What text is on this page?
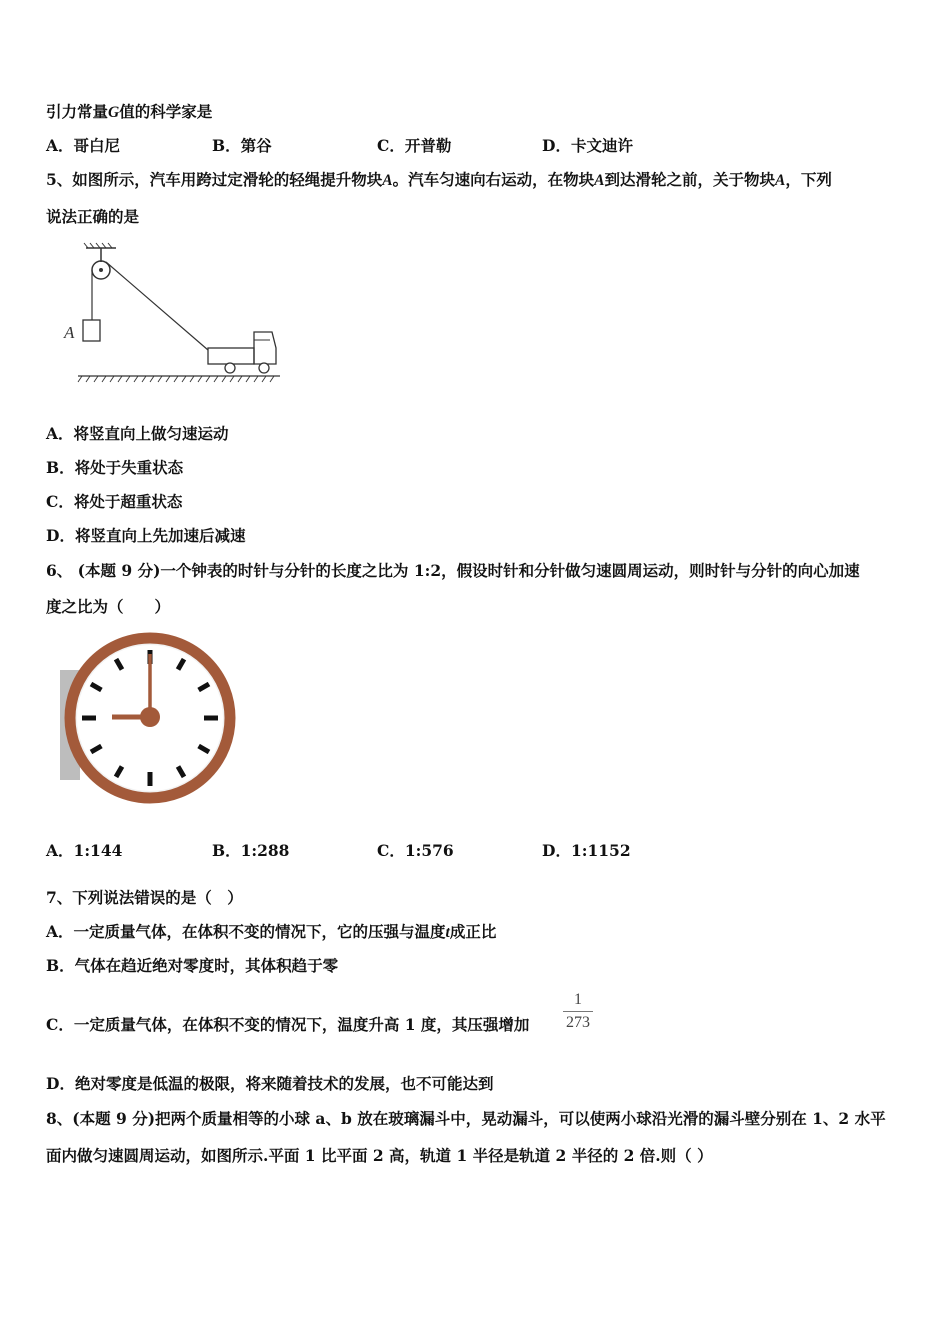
引力常量G值的科学家是
A．哥白尼	B．第谷	C．开普勒	D．卡文迪许
5、如图所示，汽车用跨过定滑轮的轻绳提升物块A。汽车匀速向右运动，在物块A到达滑轮之前，关于物块A，下列
说法正确的是
A
A．将竖直向上做匀速运动
B．将处于失重状态
C．将处于超重状态
D．将竖直向上先加速后减速
6、 (本题 9 分)一个钟表的时针与分针的长度之比为 1:2，假设时针和分针做匀速圆周运动，则时针与分针的向心加速
度之比为（　　）
A．1:144	B．1:288	C．1:576	D．1:1152
7、下列说法错误的是（　）
A．一定质量气体，在体积不变的情况下，它的压强与温度t成正比
B．气体在趋近绝对零度时，其体积趋于零
C．一定质量气体，在体积不变的情况下，温度升高 1 度，其压强增加
1
273
D．绝对零度是低温的极限，将来随着技术的发展，也不可能达到
8、(本题 9 分)把两个质量相等的小球 a、b 放在玻璃漏斗中，晃动漏斗，可以使两小球沿光滑的漏斗壁分别在 1、2 水平
面内做匀速圆周运动，如图所示.平面 1 比平面 2 高，轨道 1 半径是轨道 2 半径的 2 倍.则（ ）
